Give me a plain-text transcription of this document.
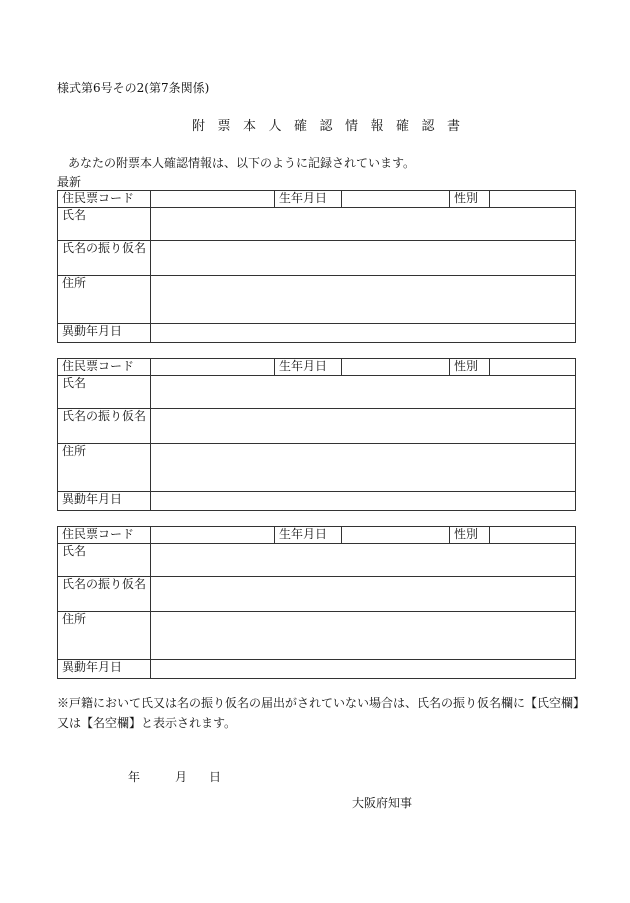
様式第6号その2(第7条関係)
附票本人確認情報確認書
あなたの附票本人確認情報は、以下のように記録されています。
最新
住民票コード		生年月日		性別	
氏名					
氏名の振り仮名					
住所					
異動年月日					
住民票コード		生年月日		性別	
氏名					
氏名の振り仮名					
住所					
異動年月日					
住民票コード		生年月日		性別	
氏名					
氏名の振り仮名					
住所					
異動年月日					
※戸籍において氏又は名の振り仮名の届出がされていない場合は、氏名の振り仮名欄に【氏空欄】
又は【名空欄】と表示されます。
年	月 日
大阪府知事
